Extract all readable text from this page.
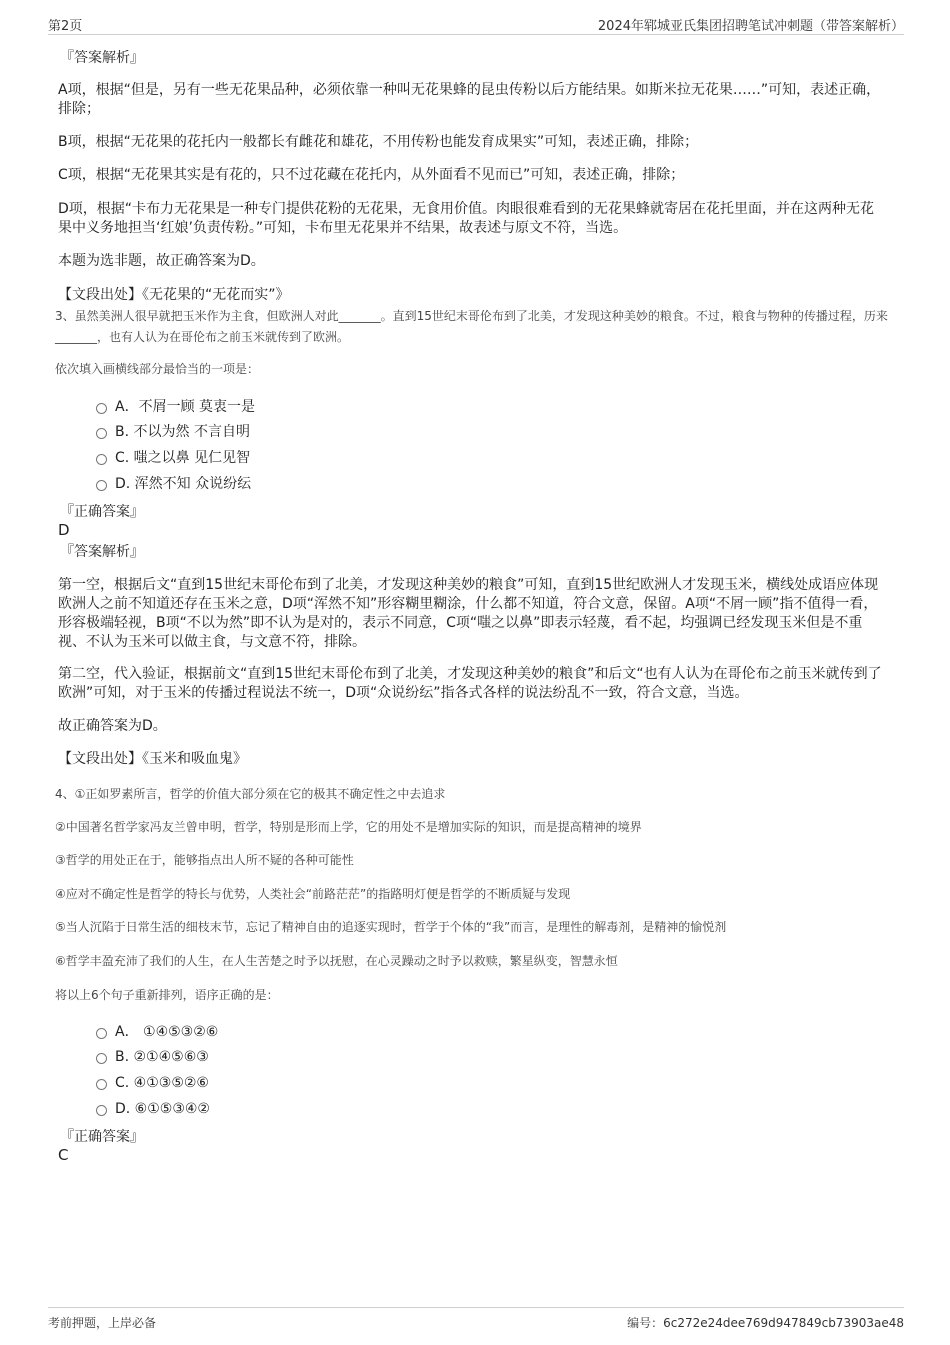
第2页	2024年郓城亚氏集团招聘笔试冲刺题（带答案解析）

『答案解析』

A项，根据“但是，另有一些无花果品种，必须依靠一种叫无花果蜂的昆虫传粉以后方能结果。如斯米拉无花果……”可知，表述正确，排除；

B项，根据“无花果的花托内一般都长有雌花和雄花，不用传粉也能发育成果实”可知，表述正确，排除；

C项，根据“无花果其实是有花的，只不过花藏在花托内，从外面看不见而已”可知，表述正确，排除；

D项，根据“卡布力无花果是一种专门提供花粉的无花果，无食用价值。肉眼很难看到的无花果蜂就寄居在花托里面，并在这两种无花果中义务地担当‘红娘’负责传粉。”可知，卡布里无花果并不结果，故表述与原文不符，当选。

本题为选非题，故正确答案为D。

【文段出处】《无花果的“无花而实”》

3、虽然美洲人很早就把玉米作为主食，但欧洲人对此_______。直到15世纪末哥伦布到了北美，才发现这种美妙的粮食。不过，粮食与物种的传播过程，历来_______，也有人认为在哥伦布之前玉米就传到了欧洲。

依次填入画横线部分最恰当的一项是：

A．不屑一顾 莫衷一是
B. 不以为然 不言自明
C. 嗤之以鼻 见仁见智
D. 浑然不知 众说纷纭

『正确答案』

D

『答案解析』

第一空，根据后文“直到15世纪末哥伦布到了北美，才发现这种美妙的粮食”可知，直到15世纪欧洲人才发现玉米，横线处成语应体现欧洲人之前不知道还存在玉米之意，D项“浑然不知”形容糊里糊涂，什么都不知道，符合文意，保留。A项“不屑一顾”指不值得一看，形容极端轻视，B项“不以为然”即不认为是对的，表示不同意，C项“嗤之以鼻”即表示轻蔑，看不起，均强调已经发现玉米但是不重视、不认为玉米可以做主食，与文意不符，排除。

第二空，代入验证，根据前文“直到15世纪末哥伦布到了北美，才发现这种美妙的粮食”和后文“也有人认为在哥伦布之前玉米就传到了欧洲”可知，对于玉米的传播过程说法不统一，D项“众说纷纭”指各式各样的说法纷乱不一致，符合文意，当选。

故正确答案为D。

【文段出处】《玉米和吸血鬼》

4、①正如罗素所言，哲学的价值大部分须在它的极其不确定性之中去追求

②中国著名哲学家冯友兰曾申明，哲学，特别是形而上学，它的用处不是增加实际的知识，而是提高精神的境界

③哲学的用处正在于，能够指点出人所不疑的各种可能性

④应对不确定性是哲学的特长与优势，人类社会“前路茫茫”的指路明灯便是哲学的不断质疑与发现

⑤当人沉陷于日常生活的细枝末节，忘记了精神自由的追逐实现时，哲学于个体的“我”而言，是理性的解毒剂，是精神的愉悦剂

⑥哲学丰盈充沛了我们的人生，在人生苦楚之时予以抚慰，在心灵躁动之时予以救赎，繁星纵变，智慧永恒

将以上6个句子重新排列，语序正确的是：

A． ①④⑤③②⑥
B. ②①④⑤⑥③
C. ④①③⑤②⑥
D. ⑥①⑤③④②

『正确答案』

C

考前押题，上岸必备	编号：6c272e24dee769d947849cb73903ae48
